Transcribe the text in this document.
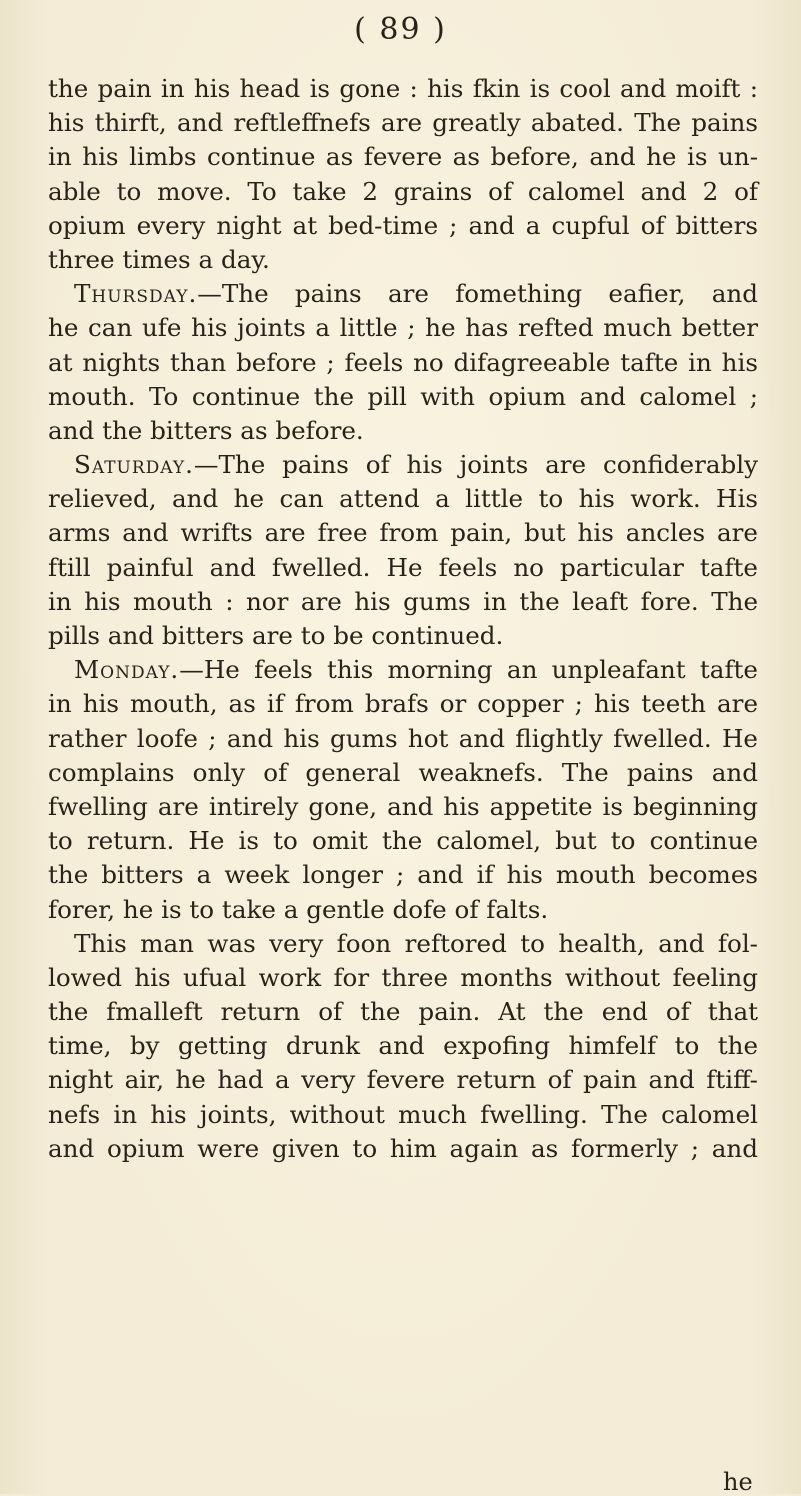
( 89 )
the pain in his head is gone : his fkin is cool and moift :
his thirft, and reftleffnefs are greatly abated. The pains
in his limbs continue as fevere as before, and he is un-
able to move. To take 2 grains of calomel and 2 of
opium every night at bed-time ; and a cupful of bitters
three times a day.
Thursday.—The pains are fomething eafier, and
he can ufe his joints a little ; he has refted much better
at nights than before ; feels no difagreeable tafte in his
mouth. To continue the pill with opium and calomel ;
and the bitters as before.
Saturday.—The pains of his joints are confiderably
relieved, and he can attend a little to his work. His
arms and wrifts are free from pain, but his ancles are
ftill painful and fwelled. He feels no particular tafte
in his mouth : nor are his gums in the leaft fore. The
pills and bitters are to be continued.
Monday.—He feels this morning an unpleafant tafte
in his mouth, as if from brafs or copper ; his teeth are
rather loofe ; and his gums hot and flightly fwelled. He
complains only of general weaknefs. The pains and
fwelling are intirely gone, and his appetite is beginning
to return. He is to omit the calomel, but to continue
the bitters a week longer ; and if his mouth becomes
forer, he is to take a gentle dofe of falts.
This man was very foon reftored to health, and fol-
lowed his ufual work for three months without feeling
the fmalleft return of the pain. At the end of that
time, by getting drunk and expofing himfelf to the
night air, he had a very fevere return of pain and ftiff-
nefs in his joints, without much fwelling. The calomel
and opium were given to him again as formerly ; and
he
